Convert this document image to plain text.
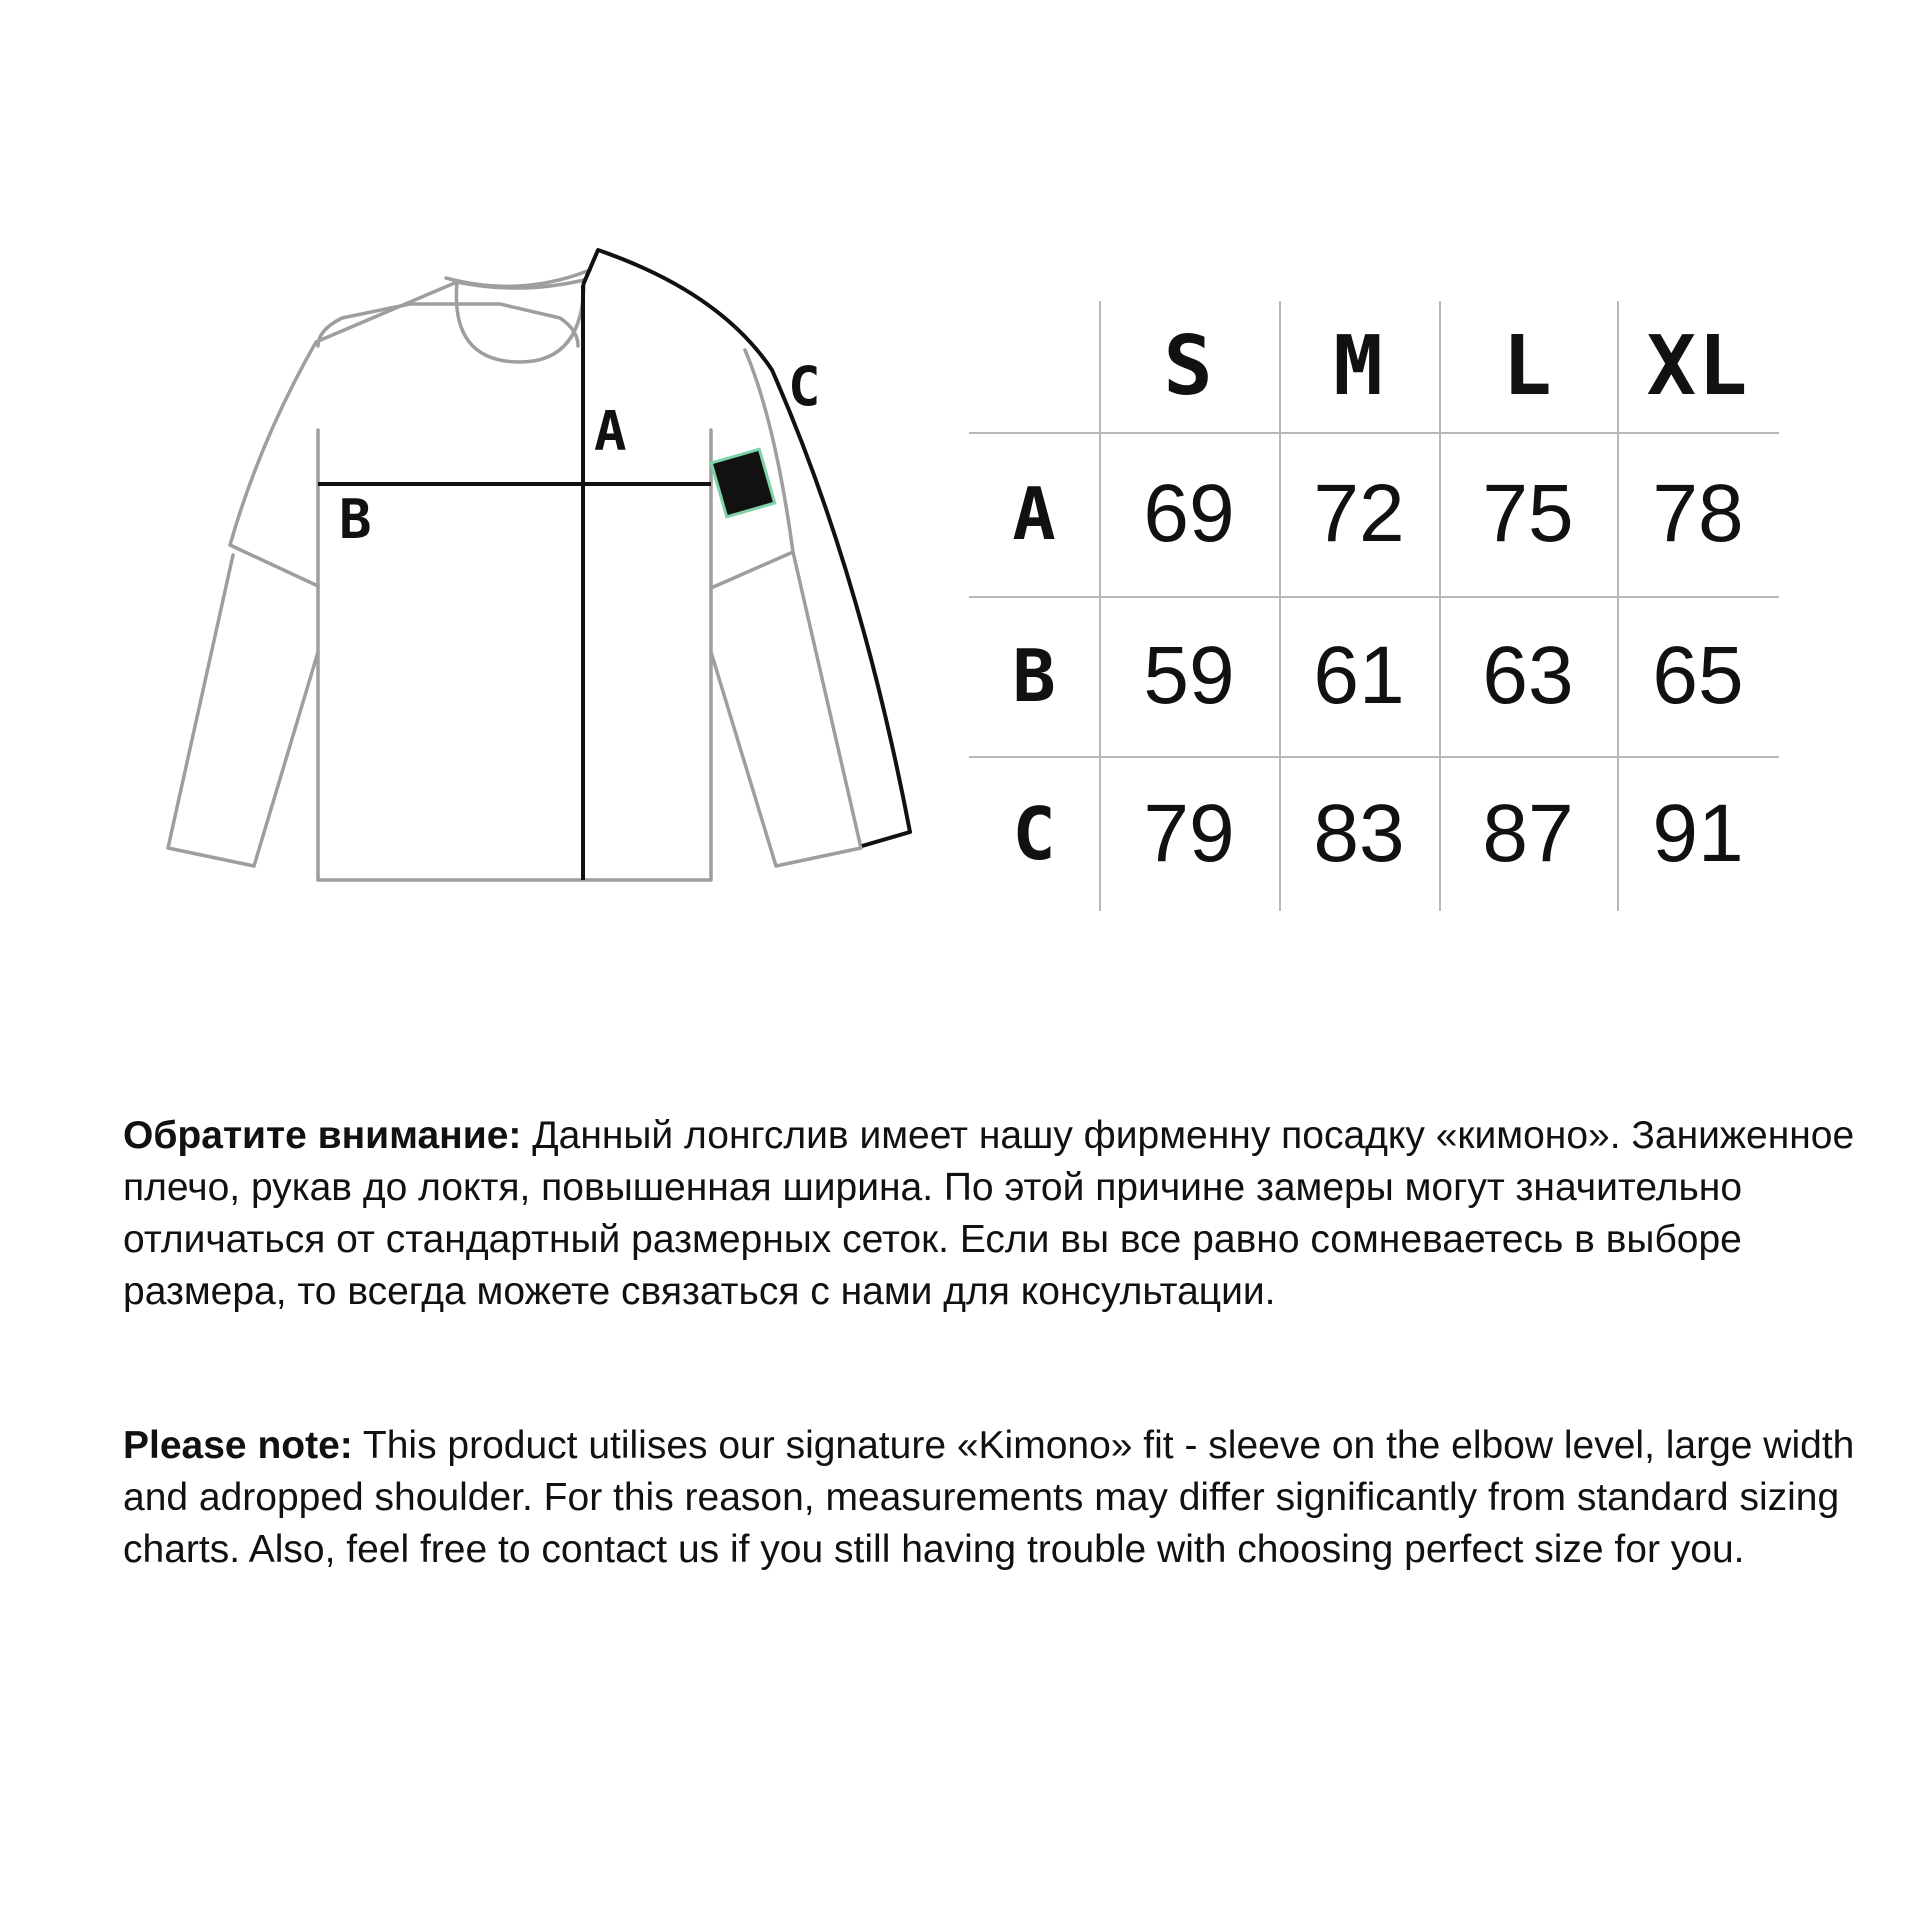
A
B
C	S	M	L	XL
A	69 72 75 78
B	59 61 63 65
C	79 83 87 91

Обратите внимание: Данный лонгслив имеет нашу фирменну посадку «кимоно». Заниженное плечо, рукав до локтя, повышенная ширина. По этой причине замеры могут значительно отличаться от стандартный размерных сеток. Если вы все равно сомневаетесь в выборе размера, то всегда можете связаться с нами для консультации.

Please note: This product utilises our signature «Kimono» fit - sleeve on the elbow level, large width and adropped shoulder. For this reason, measurements may differ significantly from standard sizing charts. Also, feel free to contact us if you still having trouble with choosing perfect size for you.
